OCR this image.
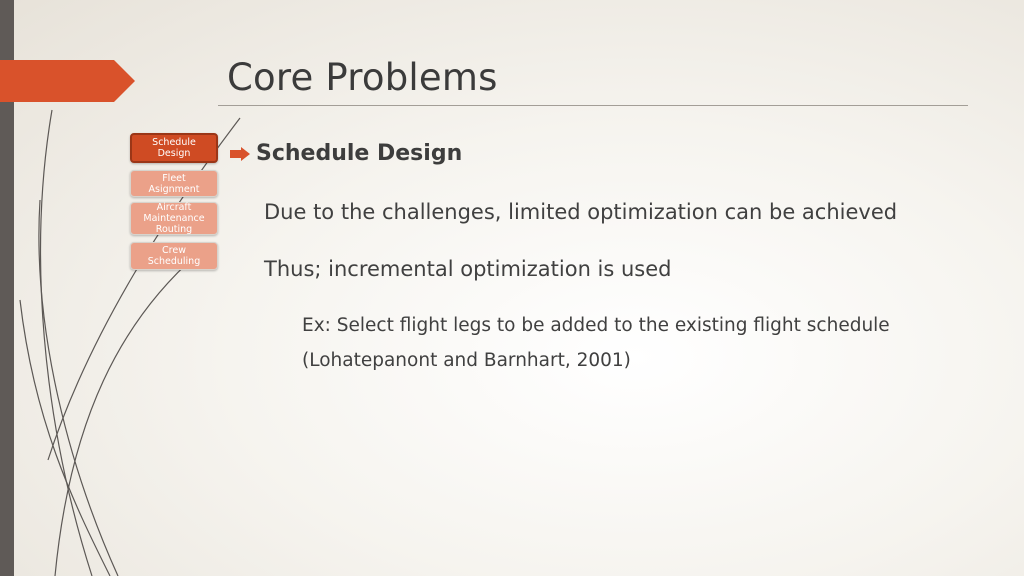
Core Problems
Schedule
Design
Fleet
Asignment
Aircraft
Maintenance
Routing
Crew
Scheduling
Schedule Design
Due to the challenges, limited optimization can be achieved
Thus; incremental optimization is used
Ex: Select flight legs to be added to the existing flight schedule
(Lohatepanont and Barnhart, 2001)
